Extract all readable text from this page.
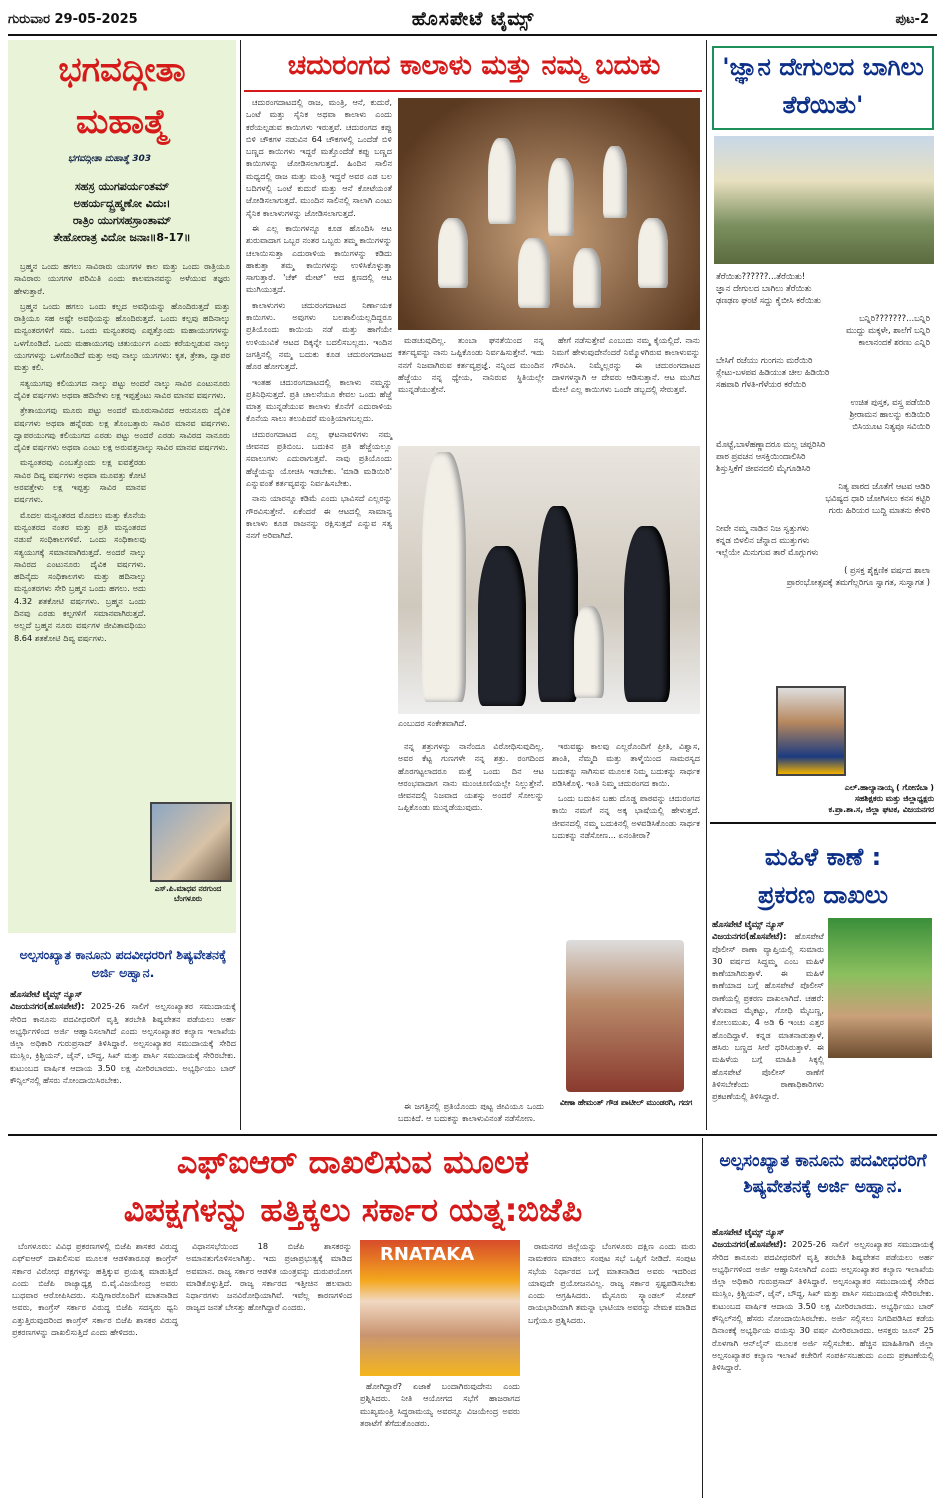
ಗುರುವಾರ 29-05-2025	ಹೊಸಪೇಟೆ ಟೈಮ್ಸ್	ಪುಟ-2
ಭಗವದ್ಗೀತಾ
ಮಹಾತ್ಮೆ
ಭಗವದ್ಗೀತಾ ಮಹಾತ್ಮೆ 303
ಸಹಸ್ರ ಯುಗಪರ್ಯಂತಮ್
ಅಹರ್ಯದ್ಬ್ರಹ್ಮಣೋ ವಿದುಃ।
ರಾತ್ರಿಂ ಯುಗಸಹಸ್ರಾಂತಾಮ್
ತೇಹೋರಾತ್ರ ವಿದೋ ಜನಾಃ॥8-17॥

ಬ್ರಹ್ಮನ ಒಂದು ಹಗಲು ಸಾವಿರಾರು ಯುಗಗಳ ಕಾಲ ಮತ್ತು ಒಂದು ರಾತ್ರಿಯೂ ಸಾವಿರಾರು ಯುಗಗಳ ಪರಿಮಿತಿ ಎಂದು ಕಾಲಮಾನವನ್ನು ಅಳೆಯುವ ತಜ್ಞರು ಹೇಳುತ್ತಾರೆ.

ಬ್ರಹ್ಮನ ಒಂದು ಹಗಲು ಒಂದು ಕಲ್ಪದ ಅವಧಿಯನ್ನು ಹೊಂದಿರುತ್ತದೆ ಮತ್ತು ರಾತ್ರಿಯೂ ಸಹ ಅಷ್ಟೇ ಅವಧಿಯನ್ನು ಹೊಂದಿರುತ್ತದೆ. ಒಂದು ಕಲ್ಪವು ಹದಿನಾಲ್ಕು ಮನ್ವಂತರಗಳಿಗೆ ಸಮ. ಒಂದು ಮನ್ವಂತರವು ಎಪ್ಪತ್ತೊಂದು ಮಹಾಯುಗಗಳನ್ನು ಒಳಗೊಂಡಿದೆ. ಒಂದು ಮಹಾಯುಗವು ಚತುರ್ಯುಗ ಎಂದು ಕರೆಯಲ್ಪಡುವ ನಾಲ್ಕು ಯುಗಗಳನ್ನು ಒಳಗೊಂಡಿದೆ ಮತ್ತು ಅವು ನಾಲ್ಕು ಯುಗಗಳು: ಕೃತ, ತ್ರೇತಾ, ದ್ವಾಪರ ಮತ್ತು ಕಲಿ.

ಸತ್ಯಯುಗವು ಕಲಿಯುಗದ ನಾಲ್ಕು ಪಟ್ಟು ಅಂದರೆ ನಾಲ್ಕು ಸಾವಿರ ಎಂಟುನೂರು ದೈವಿಕ ವರ್ಷಗಳು ಅಥವಾ ಹದಿನೇಳು ಲಕ್ಷ ಇಪ್ಪತ್ತೆಂಟು ಸಾವಿರ ಮಾನವ ವರ್ಷಗಳು.

ತ್ರೇತಾಯುಗವು ಮೂರು ಪಟ್ಟು ಅಂದರೆ ಮೂರುಸಾವಿರದ ಆರುನೂರು ದೈವಿಕ ವರ್ಷಗಳು ಅಥವಾ ಹನ್ನೆರಡು ಲಕ್ಷ ತೊಂಬತ್ತಾರು ಸಾವಿರ ಮಾನವ ವರ್ಷಗಳು. ದ್ವಾಪರಯುಗವು ಕಲಿಯುಗದ ಎರಡು ಪಟ್ಟು ಅಂದರೆ ಎರಡು ಸಾವಿರದ ನಾನೂರು ದೈವಿಕ ವರ್ಷಗಳು ಅಥವಾ ಎಂಟು ಲಕ್ಷ ಅರುವತ್ತನಾಲ್ಕು ಸಾವಿರ ಮಾನವ ವರ್ಷಗಳು.

ಮನ್ವಂತರವು ಎಂಬತ್ತೊಂದು ಲಕ್ಷ ಐವತ್ತೆರಡು ಸಾವಿರ ದಿವ್ಯ ವರ್ಷಗಳು ಅಥವಾ ಮೂವತ್ತು ಕೋಟಿ ಅರವತ್ತೇಳು ಲಕ್ಷ ಇಪ್ಪತ್ತು ಸಾವಿರ ಮಾನವ ವರ್ಷಗಳು.

ಮೊದಲ ಮನ್ವಂತರದ ಮೊದಲು ಮತ್ತು ಕೊನೆಯ ಮನ್ವಂತರದ ನಂತರ ಮತ್ತು ಪ್ರತಿ ಮನ್ವಂತರದ ನಡುವೆ ಸಂಧಿಕಾಲಗಳಿವೆ. ಒಂದು ಸಂಧಿಕಾಲವು ಸತ್ಯಯುಗಕ್ಕೆ ಸಮಾನವಾಗಿರುತ್ತದೆ. ಅಂದರೆ ನಾಲ್ಕು ಸಾವಿರದ ಎಂಟುನೂರು ದೈವಿಕ ವರ್ಷಗಳು. ಹದಿನೈದು ಸಂಧಿಕಾಲಗಳು ಮತ್ತು ಹದಿನಾಲ್ಕು ಮನ್ವಂತರಗಳು ಸೇರಿ ಬ್ರಹ್ಮನ ಒಂದು ಹಗಲು. ಅದು 4.32 ಶತಕೋಟಿ ವರ್ಷಗಳು. ಬ್ರಹ್ಮನ ಒಂದು ದಿನವು ಎರಡು ಕಲ್ಪಗಳಿಗೆ ಸಮಾನವಾಗಿರುತ್ತದೆ. ಅಲ್ಲದೆ ಬ್ರಹ್ಮನ ನೂರು ವರ್ಷಗಳ ಜೀವಿತಾವಧಿಯು 8.64 ಶತಕೋಟಿ ದಿವ್ಯ ವರ್ಷಗಳು.

ಎಸ್.ಪಿ.ಮಾಧವ ನರಗುಂದ ಬೆಂಗಳೂರು
ಅಲ್ಪಸಂಖ್ಯಾತ ಕಾನೂನು ಪದವೀಧರರಿಗೆ ಶಿಷ್ಯವೇತನಕ್ಕೆ ಅರ್ಜಿ ಅಹ್ವಾನ.
ಹೊಸಪೇಟೆ ಟೈಮ್ಸ್ ನ್ಯೂಸ್
ವಿಜಯನಗರ(ಹೊಸಪೇಟೆ): 2025-26 ಸಾಲಿಗೆ ಅಲ್ಪಸಂಖ್ಯಾತರ ಸಮುದಾಯಕ್ಕೆ ಸೇರಿದ ಕಾನೂನು ಪದವೀಧರರಿಗೆ ವೃತ್ತಿ ತರಬೇತಿ ಶಿಷ್ಯವೇತನ ಪಡೆಯಲು ಅರ್ಹ ಅಭ್ಯರ್ಥಿಗಳಿಂದ ಅರ್ಜಿ ಆಹ್ವಾನಿಸಲಾಗಿದೆ ಎಂದು ಅಲ್ಪಸಂಖ್ಯಾತರ ಕಲ್ಯಾಣ ಇಲಾಖೆಯ ಜಿಲ್ಲಾ ಅಧಿಕಾರಿ ಗುರುಪ್ರಸಾದ್ ತಿಳಿಸಿದ್ದಾರೆ. ಅಲ್ಪಸಂಖ್ಯಾತರ ಸಮುದಾಯಕ್ಕೆ ಸೇರಿದ ಮುಸ್ಲಿಂ, ಕ್ರಿಶ್ಚಿಯನ್, ಜೈನ್, ಬೌದ್ಧ, ಸಿಖ್ ಮತ್ತು ಪಾರ್ಸಿ ಸಮುದಾಯಕ್ಕೆ ಸೇರಿರಬೇಕು. ಕುಟುಂಬದ ವಾರ್ಷಿಕ ಆದಾಯ 3.50 ಲಕ್ಷ ಮೀರಿರಬಾರದು. ಅಭ್ಯರ್ಥಿಯು ಬಾರ್ ಕೌನ್ಸಿಲ್‍ನಲ್ಲಿ ಹೆಸರು ನೋಂದಾಯಿಸಿರಬೇಕು.
ಚದುರಂಗದ ಕಾಲಾಳು ಮತ್ತು ನಮ್ಮ ಬದುಕು

ಚದುರಂಗದಾಟದಲ್ಲಿ ರಾಜ, ಮಂತ್ರಿ, ಆನೆ, ಕುದುರೆ, ಒಂಟೆ ಮತ್ತು ಸೈನಿಕ ಅಥವಾ ಕಾಲಾಳು ಎಂದು ಕರೆಯಲ್ಪಡುವ ಕಾಯಿಗಳು ಇರುತ್ತವೆ. ಚದುರಂಗದ ಕಪ್ಪು ಬಿಳಿ ಚೌಕಗಳ ನಡುವಿನ 64 ಚೌಕಗಳಲ್ಲಿ ಒಂದೆಡೆ ಬಿಳಿ ಬಣ್ಣದ ಕಾಯಿಗಳು ಇದ್ದರೆ ಮತ್ತೊಂದೆಡೆ ಕಪ್ಪು ಬಣ್ಣದ ಕಾಯಿಗಳನ್ನು ಜೋಡಿಸಲಾಗುತ್ತದೆ. ಹಿಂದಿನ ಸಾಲಿನ ಮಧ್ಯದಲ್ಲಿ ರಾಜ ಮತ್ತು ಮಂತ್ರಿ ಇದ್ದರೆ ಅವರ ಎಡ ಬಲ ಬದಿಗಳಲ್ಲಿ ಒಂಟೆ ಕುದುರೆ ಮತ್ತು ಆನೆ ಕೋಟೆಯಂತೆ ಜೋಡಿಸಲಾಗುತ್ತದೆ. ಮುಂದಿನ ಸಾಲಿನಲ್ಲಿ ಸಾಲಾಗಿ ಎಂಟು ಸೈನಿಕ ಕಾಲಾಳುಗಳನ್ನು ಜೋಡಿಸಲಾಗುತ್ತದೆ.

ಈ ಎಲ್ಲ ಕಾಯಿಗಳನ್ನೂ ಕೂಡ ಹೊಂದಿಸಿ ಆಟ ಶುರುವಾದಾಗ ಒಬ್ಬರ ನಂತರ ಒಬ್ಬರು ತಮ್ಮ ಕಾಯಿಗಳನ್ನು ಚಲಾಯಿಸುತ್ತಾ ಎದುರಾಳಿಯ ಕಾಯಿಗಳನ್ನು ಕಡಿದು ಹಾಕುತ್ತಾ ತಮ್ಮ ಕಾಯಿಗಳನ್ನು ಉಳಿಸಿಕೊಳ್ಳುತ್ತಾ ಸಾಗುತ್ತಾರೆ. 'ಚೆಕ್ ಮೇಟ್' ಆದ ಕ್ಷಣದಲ್ಲಿ ಆಟ ಮುಗಿಯುತ್ತದೆ.

ಕಾಲಾಳುಗಳು ಚದುರಂಗದಾಟದ ನಿರ್ಣಾಯಕ ಕಾಯಿಗಳು. ಅವುಗಳು ಬಲಶಾಲಿಯಲ್ಲದಿದ್ದರೂ ಪ್ರತಿಯೊಂದು ಕಾಯಿಯ ನಡೆ ಮತ್ತು ಹಾಗೆಯೇ ಉಳಿಯುವಿಕೆ ಆಟದ ದಿಕ್ಕನ್ನೇ ಬದಲಿಸಬಲ್ಲದು. ಇಂದಿನ ಜಗತ್ತಿನಲ್ಲಿ ನಮ್ಮ ಬದುಕು ಕೂಡ ಚದುರಂಗದಾಟದ ಹೊರ ಹೋಗುತ್ತದೆ.

ಇಂತಹ ಚದುರಂಗದಾಟದಲ್ಲಿ ಕಾಲಾಳು ನಮ್ಮನ್ನು ಪ್ರತಿನಿಧಿಸುತ್ತದೆ. ಪ್ರತಿ ಚಾಲನೆಯೂ ಕೇವಲ ಒಂದು ಹೆಜ್ಜೆ ಮಾತ್ರ ಮುನ್ನಡೆಯುವ ಕಾಲಾಳು ಕೊನೆಗೆ ಎದುರಾಳಿಯ ಕೊನೆಯ ಸಾಲು ತಲುಪಿದರೆ ಮಂತ್ರಿಯಾಗಬಲ್ಲದು.

ಚದುರಂಗದಾಟದ ಎಲ್ಲ ಘಟನಾವಳಿಗಳು ನಮ್ಮ ಜೀವನದ ಪ್ರತಿಬಿಂಬ. ಬದುಕಿನ ಪ್ರತಿ ಹೆಜ್ಜೆಯಲ್ಲೂ ಸವಾಲುಗಳು ಎದುರಾಗುತ್ತವೆ. ನಾವು ಪ್ರತಿಯೊಂದು ಹೆಜ್ಜೆಯನ್ನು ಯೋಚಿಸಿ ಇಡಬೇಕು. 'ಮಾಡಿ ಮಡಿಯಿರಿ' ಎನ್ನುವಂತೆ ಕರ್ತವ್ಯವನ್ನು ನಿರ್ವಹಿಸಬೇಕು.

ನಾನು ಯಾರನ್ನೂ ಕಡಿಮೆ ಎಂದು ಭಾವಿಸದೆ ಎಲ್ಲರನ್ನು ಗೌರವಿಸುತ್ತೇನೆ. ಏಕೆಂದರೆ ಈ ಆಟದಲ್ಲಿ ಸಾಮಾನ್ಯ ಕಾಲಾಳು ಕೂಡ ರಾಜನನ್ನು ರಕ್ಷಿಸುತ್ತದೆ ಎನ್ನುವ ಸತ್ಯ ನನಗೆ ಅರಿವಾಗಿದೆ.

ಮಡಚುವುದಿಲ್ಲ. ತುಂಬಾ ಘನತೆಯಿಂದ ನನ್ನ ಕರ್ತವ್ಯವನ್ನು ನಾನು ಒಪ್ಪಿಕೊಂಡು ನಿರ್ವಹಿಸುತ್ತೇನೆ. ಇದು ನನಗೆ ನಿಜವಾಗಿರುವ ಕರ್ತವ್ಯಪ್ರಜ್ಞೆ. ನನ್ನಿಂದ ಮುಂದಿನ ಹೆಜ್ಜೆಯು ನನ್ನ ಧ್ಯೇಯ, ನಾನಿರುವ ಸ್ಥಿತಿಯಲ್ಲೇ ಮುನ್ನಡೆಯುತ್ತೇನೆ.

ಹೇಗೆ ನಡೆಸುತ್ತೇವೆ ಎಂಬುದು ನಮ್ಮ ಕೈಯಲ್ಲಿದೆ. ನಾನು ನಿಮಗೆ ಹೇಳುವುದೇನೆಂದರೆ ನಿಮ್ಮೊಳಗಿರುವ ಕಾಲಾಳುವನ್ನು ಗೌರವಿಸಿ. ನಿಮ್ಮೆಲ್ಲರನ್ನು ಈ ಚದುರಂಗದಾಟದ ದಾಳಗಳನ್ನಾಗಿ ಆ ದೇವರು ಆಡಿಸುತ್ತಾನೆ. ಆಟ ಮುಗಿದ ಮೇಲೆ ಎಲ್ಲ ಕಾಯಿಗಳು ಒಂದೇ ಡಬ್ಬದಲ್ಲಿ ಸೇರುತ್ತವೆ.

ಎಂಬುದರ ಸಂಕೇತವಾಗಿದೆ.

ನನ್ನ ಶತ್ರುಗಳನ್ನು ನಾನೆಂದೂ ವಿರೋಧಿಸುವುದಿಲ್ಲ. ಅವರ ಕೆಟ್ಟ ಗುಣಗಳೇ ನನ್ನ ಶತ್ರು. ರಂಗದಿಂದ ಹೊರಗಟ್ಟಲಾದರೂ ಮತ್ತೆ ಒಂದು ದಿನ ಆಟ ಆರಂಭವಾದಾಗ ನಾನು ಮುಂಚೂಣಿಯಲ್ಲೇ ನಿಲ್ಲುತ್ತೇನೆ. ಜೀವನದಲ್ಲಿ ನಿಜವಾದ ಯಶಸ್ಸು ಅಂದರೆ ಸೋಲನ್ನು ಒಪ್ಪಿಕೊಂಡು ಮುನ್ನಡೆಯುವುದು.

ಇರುವಷ್ಟು ಕಾಲವು ಎಲ್ಲರೊಂದಿಗೆ ಪ್ರೀತಿ, ವಿಶ್ವಾಸ, ಶಾಂತಿ, ನೆಮ್ಮದಿ ಮತ್ತು ತಾಳ್ಮೆಯಿಂದ ಸಾಮರಸ್ಯದ ಬದುಕನ್ನು ಸಾಗಿಸುವ ಮೂಲಕ ನಿಮ್ಮ ಬದುಕನ್ನು ಸಾರ್ಥಕ ಪಡಿಸಿಕೊಳ್ಳಿ. ಇಂತಿ ನಿಮ್ಮ ಚದುರಂಗದ ಕಾಯಿ.

ಒಂದು ಬದುಕಿನ ಬಹು ದೊಡ್ಡ ಪಾಠವನ್ನು ಚದುರಂಗದ ಕಾಯಿ ನಮಗೆ ನನ್ನ ಅಕ್ಕ ಭಾಷೆಯಲ್ಲಿ ಹೇಳುತ್ತದೆ. ಜೀವನದಲ್ಲಿ ನಮ್ಮ ಬದುಕಿನಲ್ಲಿ ಅಳವಡಿಸಿಕೊಂಡು ಸಾರ್ಥಕ ಬದುಕನ್ನು ನಡೆಸೋಣ... ಏನಂತೀರಾ?

ವೀಣಾ ಹೇಮಂತ್ ಗೌಡ ಪಾಟೀಲ್ ಮುಂಡರಗಿ, ಗದಗ

ಈ ಜಗತ್ತಿನಲ್ಲಿ ಪ್ರತಿಯೊಂದು ಪುಟ್ಟ ಜೀವಿಯೂ ಒಂದು ಬದುಕಿದೆ. ಆ ಬದುಕನ್ನು ಕಾಲಾಳುವಿನಂತೆ ನಡೆಸೋಣ.

'ಜ್ಞಾನ ದೇಗುಲದ ಬಾಗಿಲು ತೆರೆಯಿತು'
ತೆರೆಯಿತು??????...ತೆರೆಯಿತು!
ಜ್ಞಾನ ದೇಗುಲದ ಬಾಗಿಲು ತೆರೆಯಿತು
ಢಣಢಣ ಘಂಟೆ ಸದ್ದು ಕೈಬೀಸಿ ಕರೆಯಿತು
ಬನ್ನಿರಿ???????...ಬನ್ನಿರಿ
ಮುದ್ದು ಮಕ್ಕಳೇ, ಶಾಲೆಗೆ ಬನ್ನಿರಿ
ಕಾಲಾನಂದಕೆ ಶರಣು ಎನ್ನಿರಿ
ಬೇಸಿಗೆ ರಜೆಯು ಗುಂಗನು ಮರೆಯಿರಿ
ಸ್ಲೇಟು-ಬಳಪವ ಹಿಡಿಯುತ ಚೀಲ ಹಿಡಿಯಿರಿ
ಸಹಪಾಠಿ ಗೆಳತಿ-ಗೆಳೆಯರ ಕರೆಯಿರಿ
ಉಚಿತ ಪುಸ್ತಕ, ವಸ್ತ್ರ ಪಡೆಯಿರಿ
ಶ್ರೀರಾಮನ ಹಾಲನ್ನು ಕುಡಿಯಿರಿ
ಬಿಸಿಯೂಟ ನಿತ್ಯವೂ ಸವಿಯಿರಿ
ಮೊಟ್ಟೆ,ಬಾಳೆಹಣ್ಣಾದರೂ ಮಲ್ಲ ಚಪ್ಪರಿಸಿರಿ
ಪಾಠ ಪ್ರವಚನ ಆಸಕ್ತಿಯಿಂದಾಲಿಸಿರಿ
ಶಿಸ್ತುಸ್ತಿಕೆಗೆ ಜೀವನದಲಿ ಮೈಗೂಡಿಸಿರಿ
ನಿತ್ಯ ಪಾಠದ ಜೊತೆಗೆ ಆಟವ ಆಡಿರಿ
ಭವಿಷ್ಯದ ಧಾರಿ ಜೋಗಿಸಲು ಕನಸ ಕಟ್ಟಿರಿ
ಗುರು ಹಿರಿಯರ ಬುದ್ದಿ ಮಾತನು ಕೇಳಿರಿ
ನೀವೇ ನಮ್ಮ ನಾಡಿನ ನಿಜ ಸ್ವತ್ತುಗಳು
ಕನ್ನಡ ಬಿಳಲಿನ ಚೆನ್ನಾದ ಮುತ್ತುಗಳು
ಇಲ್ಲೆಯೇ ಮಿನುಗುವ ತಾರೆ ಮೊಗ್ಗುಗಳು
( ಪ್ರಸಕ್ತ ಶೈಕ್ಷಣಿಕ ವರ್ಷದ ಶಾಲಾ
ಪ್ರಾರಂಭೋತ್ಸವಕ್ಕೆ ತಮಗೆಲ್ಲರಿಗೂ ಸ್ವಾಗತ, ಸುಸ್ವಾಗತ )
ಎಲ್.ಹಾಲ್ಯಾನಾಯ್ಕ ( ಗೋಣಿಬಾ )
ಸಹಶಿಕ್ಷಕರು ಮತ್ತು ಜಿಲ್ಲಾಧ್ಯಕ್ಷರು
ಕ.ಪ್ರಾ.ಶಾ.ಸ, ಜಿಲ್ಲಾ ಘಟಕ, ವಿಜಯನಗರ
ಮಹಿಳೆ ಕಾಣೆ :
ಪ್ರಕರಣ ದಾಖಲು
ಹೊಸಪೇಟೆ ಟೈಮ್ಸ್ ನ್ಯೂಸ್
ವಿಜಯನಗರ(ಹೊಸಪೇಟೆ): ಹೊಸಪೇಟೆ ಪೊಲೀಸ್ ಠಾಣಾ ವ್ಯಾಪ್ತಿಯಲ್ಲಿ ಸುಮಾರು 30 ವರ್ಷದ ಸಿದ್ದಮ್ಮ ಎಂಬ ಮಹಿಳೆ ಕಾಣೆಯಾಗಿರುತ್ತಾಳೆ. ಈ ಮಹಿಳೆ ಕಾಣೆಯಾದ ಬಗ್ಗೆ ಹೊಸಪೇಟೆ ಪೊಲೀಸ್ ಠಾಣೆಯಲ್ಲಿ ಪ್ರಕರಣ ದಾಖಲಾಗಿದೆ. ಚಹರೆ: ತೆಳುವಾದ ಮೈಕಟ್ಟು, ಗೋಧಿ ಮೈಬಣ್ಣ, ಕೋಲುಮುಖ, 4 ಅಡಿ 6 ಇಂಚು ಎತ್ತರ ಹೊಂದಿದ್ದಾಳೆ. ಕನ್ನಡ ಮಾತನಾಡುತ್ತಾಳೆ, ಹಸಿರು ಬಣ್ಣದ ಸೀರೆ ಧರಿಸಿರುತ್ತಾಳೆ. ಈ ಮಹಿಳೆಯ ಬಗ್ಗೆ ಮಾಹಿತಿ ಸಿಕ್ಕಲ್ಲಿ ಹೊಸಪೇಟೆ ಪೊಲೀಸ್ ಠಾಣೆಗೆ ತಿಳಿಸಬೇಕೆಂದು ಠಾಣಾಧಿಕಾರಿಗಳು ಪ್ರಕಟಣೆಯಲ್ಲಿ ತಿಳಿಸಿದ್ದಾರೆ.
ಎಫ್‌ಐಆರ್ ದಾಖಲಿಸುವ ಮೂಲಕ
ವಿಪಕ್ಷಗಳನ್ನು ಹತ್ತಿಕ್ಕಲು ಸರ್ಕಾರ ಯತ್ನ:ಬಿಜೆಪಿ

ಬೆಂಗಳೂರು: ವಿವಿಧ ಪ್ರಕರಣಗಳಲ್ಲಿ ಬಿಜೆಪಿ ಶಾಸಕರ ವಿರುದ್ಧ ಎಫ್‌ಐಆರ್ ದಾಖಲಿಸುವ ಮೂಲಕ ಆಡಳಿತಾರೂಢ ಕಾಂಗ್ರೆಸ್ ಸರ್ಕಾರ ವಿರೋಧ ಪಕ್ಷಗಳನ್ನು ಹತ್ತಿಕ್ಕುವ ಪ್ರಯತ್ನ ಮಾಡುತ್ತಿದೆ ಎಂದು ಬಿಜೆಪಿ ರಾಜ್ಯಾಧ್ಯಕ್ಷ ಬಿ.ವೈ.ವಿಜಯೇಂದ್ರ ಅವರು ಬುಧವಾರ ಆರೋಪಿಸಿದರು. ಸುದ್ದಿಗಾರರೊಂದಿಗೆ ಮಾತನಾಡಿದ ಅವರು, ಕಾಂಗ್ರೆಸ್ ಸರ್ಕಾರ ವಿರುದ್ಧ ಬಿಜೆಪಿ ಸದಸ್ಯರು ಧ್ವನಿ ಎತ್ತುತ್ತಿರುವುದರಿಂದ ಕಾಂಗ್ರೆಸ್ ಸರ್ಕಾರ ಬಿಜೆಪಿ ಶಾಸಕರ ವಿರುದ್ಧ ಪ್ರಕರಣಗಳನ್ನು ದಾಖಲಿಸುತ್ತಿದೆ ಎಂದು ಹೇಳಿದರು.

ವಿಧಾನಸಭೆಯಿಂದ 18 ಬಿಜೆಪಿ ಶಾಸಕರನ್ನು ಅಮಾನತುಗೊಳಿಸಲಾಗಿತ್ತು. ಇದು ಪ್ರಜಾಪ್ರಭುತ್ವಕ್ಕೆ ಮಾಡಿದ ಅವಮಾನ. ರಾಜ್ಯ ಸರ್ಕಾರ ಆಡಳಿತ ಯಂತ್ರವನ್ನು ದುರುಪಯೋಗ ಮಾಡಿಕೊಳ್ಳುತ್ತಿದೆ. ರಾಜ್ಯ ಸರ್ಕಾರದ ಇತ್ತೀಚಿನ ಹಲವಾರು ನಿರ್ಧಾರಗಳು ಜನವಿರೋಧಿಯಾಗಿವೆ. ಇವೆಲ್ಲ ಕಾರಣಗಳಿಂದ ರಾಜ್ಯದ ಜನತೆ ಬೇಸತ್ತು ಹೋಗಿದ್ದಾರೆ ಎಂದರು.

RNATAKA

ಹೋಗಿದ್ದಾರೆ? ಏಜಾಕೆ ಬಂದಾಗಿರುವುದೇನು ಎಂದು ಪ್ರಶ್ನಿಸಿದರು. ನೀತಿ ಆಯೋಗದ ಸಭೆಗೆ ಹಾಜರಾಗದ ಮುಖ್ಯಮಂತ್ರಿ ಸಿದ್ದರಾಮಯ್ಯ ಅವರನ್ನೂ ವಿಜಯೇಂದ್ರ ಅವರು ತರಾಟೆಗೆ ತೆಗೆದುಕೊಂಡರು.

ರಾಮನಗರ ಜಿಲ್ಲೆಯನ್ನು ಬೆಂಗಳೂರು ದಕ್ಷಿಣ ಎಂದು ಮರು ನಾಮಕರಣ ಮಾಡಲು ಸಂಪುಟ ಸಭೆ ಒಪ್ಪಿಗೆ ನೀಡಿದೆ. ಸಂಪುಟ ಸಭೆಯ ನಿರ್ಧಾರದ ಬಗ್ಗೆ ಮಾತನಾಡಿದ ಅವರು ಇದರಿಂದ ಯಾವುದೇ ಪ್ರಯೋಜನವಿಲ್ಲ. ರಾಜ್ಯ ಸರ್ಕಾರ ಸ್ಪಷ್ಟಪಡಿಸಬೇಕು ಎಂದು ಆಗ್ರಹಿಸಿದರು. ಮೈಸೂರು ಸ್ಕ್ಯಾಂಡಲ್ ಸೋಪ್ ರಾಯಭಾರಿಯಾಗಿ ತಮನ್ನಾ ಭಾಟಿಯಾ ಅವರನ್ನು ನೇಮಕ ಮಾಡಿದ ಬಗ್ಗೆಯೂ ಪ್ರಶ್ನಿಸಿದರು.

ಅಲ್ಪಸಂಖ್ಯಾತ ಕಾನೂನು ಪದವೀಧರರಿಗೆ ಶಿಷ್ಯವೇತನಕ್ಕೆ ಅರ್ಜಿ ಅಹ್ವಾನ.
ಹೊಸಪೇಟೆ ಟೈಮ್ಸ್ ನ್ಯೂಸ್
ವಿಜಯನಗರ(ಹೊಸಪೇಟೆ): 2025-26 ಸಾಲಿಗೆ ಅಲ್ಪಸಂಖ್ಯಾತರ ಸಮುದಾಯಕ್ಕೆ ಸೇರಿದ ಕಾನೂನು ಪದವೀಧರರಿಗೆ ವೃತ್ತಿ ತರಬೇತಿ ಶಿಷ್ಯವೇತನ ಪಡೆಯಲು ಅರ್ಹ ಅಭ್ಯರ್ಥಿಗಳಿಂದ ಅರ್ಜಿ ಆಹ್ವಾನಿಸಲಾಗಿದೆ ಎಂದು ಅಲ್ಪಸಂಖ್ಯಾತರ ಕಲ್ಯಾಣ ಇಲಾಖೆಯ ಜಿಲ್ಲಾ ಅಧಿಕಾರಿ ಗುರುಪ್ರಸಾದ್ ತಿಳಿಸಿದ್ದಾರೆ. ಅಲ್ಪಸಂಖ್ಯಾತರ ಸಮುದಾಯಕ್ಕೆ ಸೇರಿದ ಮುಸ್ಲಿಂ, ಕ್ರಿಶ್ಚಿಯನ್, ಜೈನ್, ಬೌದ್ಧ, ಸಿಖ್ ಮತ್ತು ಪಾರ್ಸಿ ಸಮುದಾಯಕ್ಕೆ ಸೇರಿರಬೇಕು. ಕುಟುಂಬದ ವಾರ್ಷಿಕ ಆದಾಯ 3.50 ಲಕ್ಷ ಮೀರಿರಬಾರದು. ಅಭ್ಯರ್ಥಿಯು ಬಾರ್ ಕೌನ್ಸಿಲ್‍ನಲ್ಲಿ ಹೆಸರು ನೋಂದಾಯಿಸಿರಬೇಕು. ಅರ್ಜಿ ಸಲ್ಲಿಸಲು ನಿಗದಿಪಡಿಸಿದ ಕಡೆಯ ದಿನಾಂಕಕ್ಕೆ ಅಭ್ಯರ್ಥಿಯ ವಯಸ್ಸು 30 ವರ್ಷ ಮೀರಿರಬಾರದು. ಆಸಕ್ತರು ಜೂನ್ 25 ರೊಳಗಾಗಿ ಆನ್‌ಲೈನ್ ಮೂಲಕ ಅರ್ಜಿ ಸಲ್ಲಿಸಬೇಕು. ಹೆಚ್ಚಿನ ಮಾಹಿತಿಗಾಗಿ ಜಿಲ್ಲಾ ಅಲ್ಪಸಂಖ್ಯಾತರ ಕಲ್ಯಾಣ ಇಲಾಖೆ ಕಚೇರಿಗೆ ಸಂಪರ್ಕಿಸಬಹುದು ಎಂದು ಪ್ರಕಟಣೆಯಲ್ಲಿ ತಿಳಿಸಿದ್ದಾರೆ.
